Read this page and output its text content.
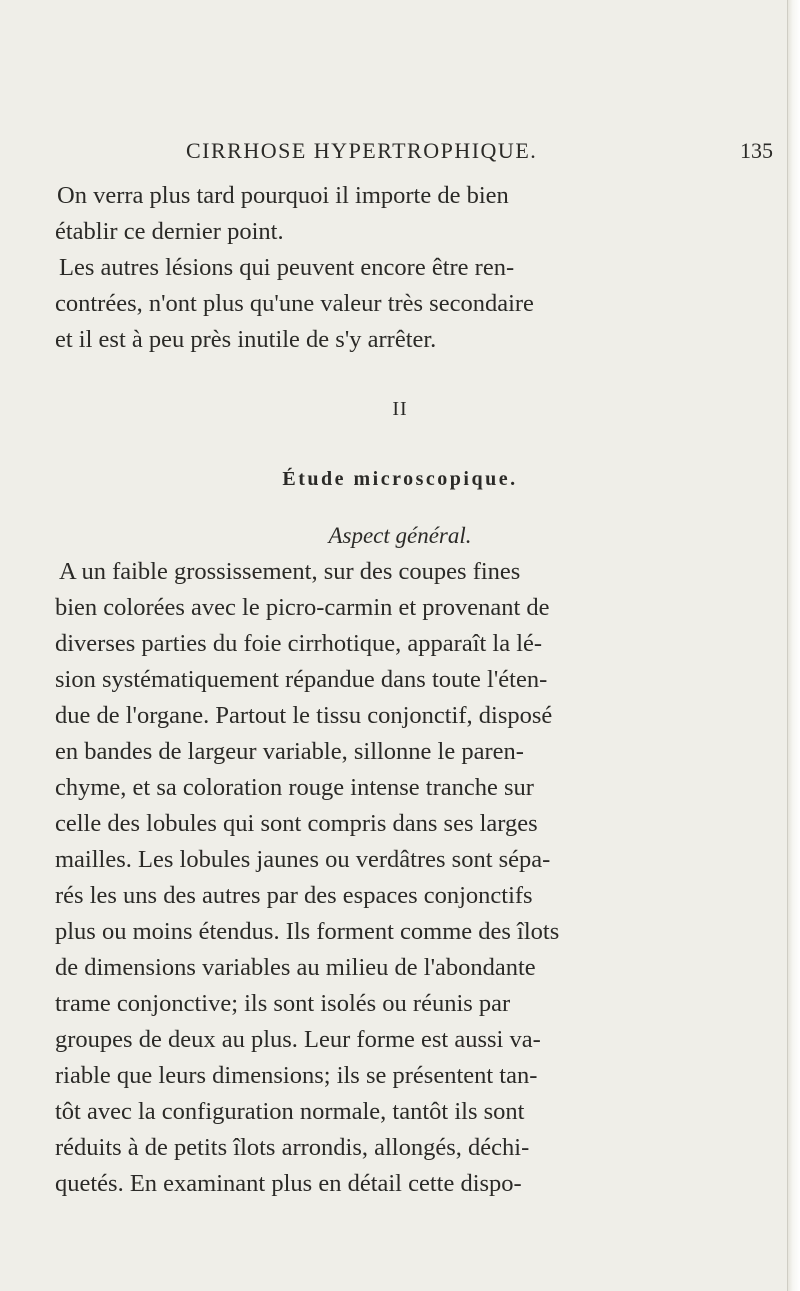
CIRRHOSE HYPERTROPHIQUE.	135
On verra plus tard pourquoi il importe de bien
établir ce dernier point.
Les autres lésions qui peuvent encore être ren-
contrées, n'ont plus qu'une valeur très secondaire
et il est à peu près inutile de s'y arrêter.
II
Étude microscopique.
Aspect général.
A un faible grossissement, sur des coupes fines
bien colorées avec le picro-carmin et provenant de
diverses parties du foie cirrhotique, apparaît la lé-
sion systématiquement répandue dans toute l'éten-
due de l'organe. Partout le tissu conjonctif, disposé
en bandes de largeur variable, sillonne le paren-
chyme, et sa coloration rouge intense tranche sur
celle des lobules qui sont compris dans ses larges
mailles. Les lobules jaunes ou verdâtres sont sépa-
rés les uns des autres par des espaces conjonctifs
plus ou moins étendus. Ils forment comme des îlots
de dimensions variables au milieu de l'abondante
trame conjonctive; ils sont isolés ou réunis par
groupes de deux au plus. Leur forme est aussi va-
riable que leurs dimensions; ils se présentent tan-
tôt avec la configuration normale, tantôt ils sont
réduits à de petits îlots arrondis, allongés, déchi-
quetés. En examinant plus en détail cette dispo-
